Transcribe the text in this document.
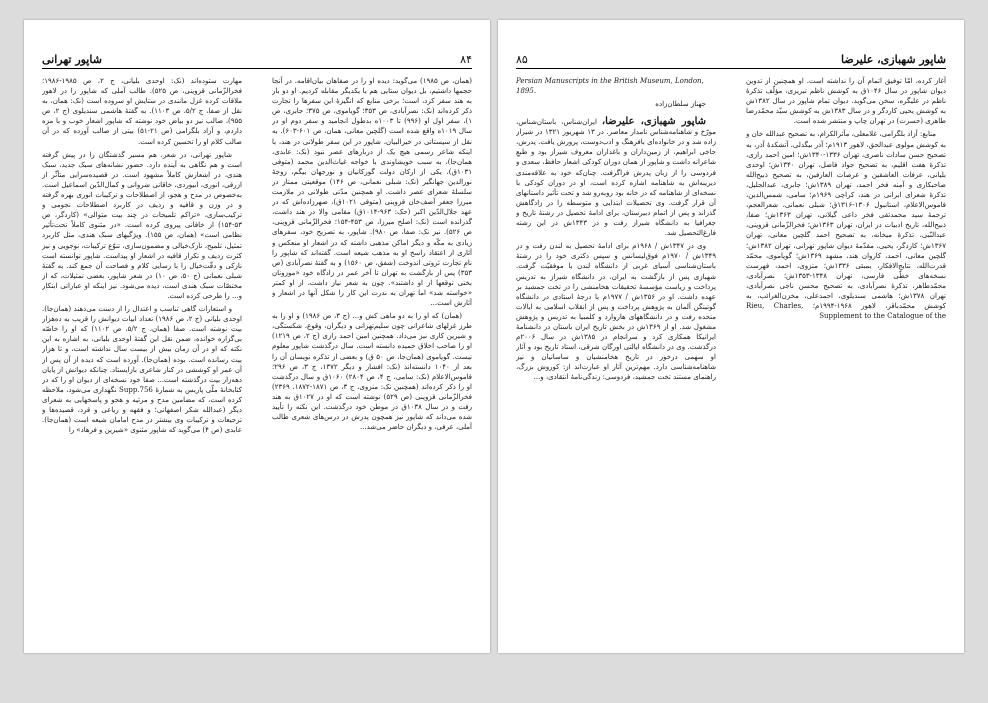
شاپور تهرانی	۸۴

(همان، ص ۱۹۸۵) می‌گوید: دیده او را در صفاهان بیان‌اقامه. در آنجا حجمها داشتیم، بل دیوان ستایی هم با یکدیگر مقابله کردیم. او دو بار به هند سفر کرد، است؛ برخی منابع که انگیزهٔ این سفرها را تجارت ذکر کرده‌اند (نک: نصرآبادی، ص ۳۵۳؛ گویاموی، ص ۳۷۵؛ جابری، ص ۱)، سفر اول او (۹۹۶) تا ۱۰۰۳ه بدطول انجامید و سفر دوم او در سال ۱۰۱۹ه واقع شده است (گلچین معانی، همان، ص ۶۰۱-۶۰۳). به نقل از سیستانی در خیرالبیان، شاپور در این سفر طولانی در هند، با اینکه شاعر رسمی هیچ یک از دربارهای عصر نبود (نک: عابدی، همان‌جا)، به سبب خویشاوندی با خواجه غیاث‌الدین محمد (متوفی ۱۰۳۱ق)، یکی از ارکان دولت گورکانیان و نورجهان بیگم، زوجهٔ نورالدین جهانگیر (نک: شبلی نعمانی، ص ۱۴۶) موقعیتی ممتاز در سلسلهٔ شعرای عصر داشت. او همچنین مدّتی طولانی در ملازمت میرزا جعفر آصف‌خان قزوینی (متوفی ۱۰۲۱ق)، صهرزاده‌اش که در عهد جلال‌الدّین اکبر (حک: ۹۶۳-۱۰۱۴ق) مقامی والا در هند داشت، گذرانده است (نک: اصلح میرزا، ص ۴۵۳-۱۵۴؛ فخرالزّمانی قزوینی، ص ۵۲۶). نیز نک: صفا، ص ۹۸۰). شاپور، به تصریح خود، سفرهای زیادی به مکّه و دیگر اماکن مذهبی داشته که در اشعار او منعکس و آثاری از اعتقاد راسخ او به مذهب شیعه است. گفته‌اند که شاپور را نامِ تجارت ثروتی اندوخت (شفق، ص ۱۵۶۰) و به گفتهٔ نصرآبادی (ص ۳۵۳) پس از بازگشت به تهران تا آخر عمر در زادگاه خود «موزونان بختی توقعها از او داشتند». چون به شعر نیاز داشت، از او کمتر «خواسته شد» اما تهران به ندرت این کار را شکل آنها در اشعار و آثارش است...

(همان) که او را به دو ماهی کش و... (ج ۳، ص ۱۹۸۶) و او را به طرز غزلهای شاعرانی چون سلیم‌تهرانی و دیگران، وقوع، شکستگی، و شیرین کاری نیز می‌داد. همچنین امین احمد رازی (ج ۲، ص ۱۲۱۹) او را صاحب اخلاق حمیده دانسته است. سال درگذشت شاپور معلوم نیست. گویاموی (همان‌جا، ص ۵۰ ق) و بعضی از تذکره نویسان آن را بعد از ۱۰۴۰ دانسته‌اند (نک: افشار و دیگر ۱۳۷۲، ج ۳، ص ۲۹۶؛ قاموس‌الاعلام (نک: سامی، ج ۴، ص ۲۸۰۴) ۱۰۶۰ق و سال درگذشت او را ذکر کرده‌اند (همچنین نک: منزوی، ج ۳، ص ۱۸۷۱-۱۸۷۲، ۲۳۶۹) فخرالزّمانی قزوینی (ص ۵۲۹) نوشته است که او در ۱۰۲۷ق به هند رفت و در سال ۱۰۳۸ق در موطن خود درگذشت. این نکته را تأیید شده می‌داند که شاپور نیز همچون پدرش در درس‌های شعری طالب آملی، عرفی، و دیگران حاضر می‌شد...

مهارت ستوده‌اند (نک: اوحدی بلیانی، ج ۲، ص ۱۹۸۵-۱۹۸۶؛ فخرالزّمانی قزوینی، ص ۵۲۵). طالب آملی که شاپور را در لاهور ملاقات کرده غزل مانندی در ستایش او سروده است (نک: همان، به نقل از صفا، ج ۵/۲، ص ۱۱۰۳). به گفتهٔ هاشمی سندیلوی (ج ۲، ص ۹۵۵)، صالب نیز دو بیاض خود نوشته که شاپور اشعار خوب و با مزه داردم، و آزاد بلگرامی (ص ۲۱-۵۱) بیتی از صالب آورده که در آن صالب کلام او را تحسین کرده است.

شاپور تهرانی، در شعر، هم مسیر گذشتگان را در پیش گرفته است و هم نگاهی به آینده دارد. حضور نشانه‌های سبک جدید، سبک هندی، در اشعارش کاملاً مشهود است. در قصیده‌سرایی متأثّر از ازرقی، انوری، ابیوردی، خاقانی شروانی و کمال‌الدّین اسماعیل است. به‌خصوص در مدح و هجو، از اصطلاحات و ترکیبات انوری بهره گرفته و در وزن و قافیه و ردیف در کاربرد اصطلاحات نجومی و ترکیب‌سازی، «تراکم تلمیحات در چند بیت متوالی» (کاردگر، ص ۵۳-۱۵۴) از خاقانی پیروی کرده است. «در مثنوی کاملاً تحت‌تأثیر نظامی است» (همان، ص ۱۵۵). ویژگیهای سبک هندی، مثل کاربرد تمثیل، تلمیح، نازک‌خیالی و مضمون‌سازی، تنوّع ترکیبات، نوجویی و نیز کثرت ردیف و تکرار قافیه در اشعار او پیداست. شاپور توانسته است نازکی و دقّت‌خیال را با رسایی کلام و فصاحت آن جمع کند. به گفتهٔ شبلی نعمانی (ج ۵۰، ص ۱۰) در شعر شاپور، بعضی تمثیلات، که از مختصّات سبک هندی است، دیده می‌شود. نیز اینکه او عباراتی ابتکار و... را طرحی کرده است.

و استعارات گاهی تناسب و اعتدال را از دست می‌دهند (همان‌جا). اوحدی بلیانی (ج ۲، ص ۱۹۸۶) تعداد ابیات دیوانش را قریب به ده‌هزار بیت نوشته است. صفا (همان، ج ۵/۲، ص ۱۱۰۲) که او را خاصّه بی‌گزاره خوانده، ضمن نقل این گفتهٔ اوحدی بلیانی، به اشاره به این نکته که او در آن زمان بیش از بیست سال نداشته است، و تا هزار بیت رسانده است. بوده (همان‌جا). آورده است که دیده از آن پس از آن عمر او کوششی در کنار شاعری بازایستاد. چنانکه دیوانش از پایان دهه‌زار بیت درگذشته است... صفا خود نسخه‌ای از دیوان او را که در کتابخانهٔ ملّی پاریس به شمارهٔ Supp.756 نگهداری می‌شود، ملاحظه کرده است، که مضامین مدح و مرثیه و هجو و پاسخهایی به شعرای دیگر (عبدالله شکر اصفهانی؛ و فقهه و ریاعی و قرد، قصیده‌ها و ترجیعات و ترکیبات وی بیشتر در مدح امامان شیعه است (همان‌جا). عابدی (ص ۴) می‌گوید که شاپور مثنوی «شیرین و فرهاد» را

شاپور شهبازی، علیرضا
۸۵

آغاز کرده، امّا توفیق اتمام آن را نداشته است. او همچنین از تدوین دیوان شاپور در سال ۱۰۴۶ق به کوشش ناظم تبریزی، مؤلّف تذکرهٔ ناظم در علیگره، سخن می‌گوید. دیوان تمام شاپور در سال ۱۳۸۲ش به کوشش یحیی کاردگر و در سال ۱۳۸۳ش به کوشش سیّد محمّدرضا طاهری (حسرت) در تهران چاپ و منتشر شده است.

منابع: آزاد بلگرامی، غلامعلی، مآثرالکرام، به تصحیح عبدالله خان و به کوشش مولوی عبدالحق، لاهور ۱۹۱۳م؛ آذر بیگدلی، آتشکدهٔ آذر، به تصحیح حسن سادات ناصری، تهران ۱۳۳۶-۱۳۴۰ش؛ امین احمد رازی، تذکرهٔ هفت اقلیم، به تصحیح جواد فاضل، تهران ۱۳۴۰ش؛ اوحدی بلیانی، عرفات العاشقین و عرصات العارفین، به تصحیح ذبیح‌الله صاحبکاری و آمنه فخر احمد، تهران ۱۳۸۹ش؛ جابری، عبدالجلیل، تذکرهٔ شعرای ایرانی در هند، کراچی ۱۹۶۹م؛ سامی، شمس‌الدین، قاموس‌الاعلام، استانبول ۱۳۰۶-۱۳۱۶ق؛ شبلی نعمانی، شعرالعجم، ترجمهٔ سید محمدتقی فخر داعی گیلانی، تهران ۱۳۶۳ش؛ صفا، ذبیح‌الله، تاریخ ادبیات در ایران، تهران ۱۳۶۳ش؛ فخرالزّمانی قزوینی، عبدالنّبی، تذکرهٔ میخانه، به تصحیح احمد گلچین معانی، تهران ۱۳۶۷ش؛ کاردگر، یحیی، مقدّمهٔ دیوان شاپور تهرانی، تهران ۱۳۸۲ش؛ گلچین معانی، احمد، کاروان هند، مشهد ۱۳۶۹ش؛ گویاموی، محمّد قدرت‌الله، نتایج‌الافکار، بمبئی ۱۳۳۶ش؛ منزوی، احمد، فهرست نسخه‌های خطّی فارسی، تهران ۱۳۴۸-۱۳۵۳ش؛ نصرآبادی، محمّدطاهر، تذکرهٔ نصرآبادی، به تصحیح محسن ناجی نصرآبادی، تهران ۱۳۷۸ش؛ هاشمی سندیلوی، احمدعلی، مخزن‌الغرائب، به کوشش محمّدباقر، لاهور ۱۹۶۸-۱۹۹۴م؛ Rieu, Charles, Supplement to the Catalogue of the

Persian Manuscripts in the British Museum, London, 1895.

جهناز سلطان‌زاده

شاپور شهبازی، علیرضا، ایران‌شناس، باستان‌شناس، مورّخ و شاهنامه‌شناس نامدار معاصر. در ۱۳ شهریور ۱۳۲۱ در شیراز زاده شد و در خانواده‌ای بافرهنگ و ادب‌دوست، پرورش یافت. پدرش، حاجی ابراهیم، از زمین‌داران و باغداران معروف شیراز بود و طبعِ شاعرانه داشت و شاپور از همان دوران کودکی اشعار حافظ، سعدی و فردوسی را از زبان پدرش فراگرفت. چنان‌که خود به علاقه‌مندی دیرینه‌اش به شاهنامه اشاره کرده است، او در دوران کودکی با نسخه‌ای از شاهنامه که در خانه بود روبه‌رو شد و تحت تأثیر داستانهای آن قرار گرفت. وی تحصیلات ابتدایی و متوسطه را در زادگاهش گذراند و پس از اتمام دبیرستان، برای ادامهٔ تحصیل در رشتهٔ تاریخ و جغرافیا به دانشگاه شیراز رفت و در ۱۳۴۳ش در این رشته فارغ‌التحصیل شد.

وی در ۱۳۴۷ش / ۱۹۶۸م برای ادامهٔ تحصیل به لندن رفت و در ۱۳۴۹ش / ۱۹۷۰م فوق‌لیسانس و سپس دکتری خود را در رشتهٔ باستان‌شناسی آسیای غربی از دانشگاه لندن با موفقیّت گرفت. شهبازی پس از بازگشت به ایران، در دانشگاه شیراز به تدریس پرداخت و ریاست مؤسسهٔ تحقیقات هخامنشی را در تخت جمشید بر عهده داشت. او در ۱۳۵۶ش / ۱۹۷۷م با درجهٔ استادی در دانشگاه گوتینگن آلمان به پژوهش پرداخت و پس از انقلاب اسلامی به ایالات متحده رفت و در دانشگاههای هاروارد و کلمبیا به تدریس و پژوهش مشغول شد. او از ۱۳۶۹ش در بخش تاریخ ایران باستان در دانشنامهٔ ایرانیکا همکاری کرد و سرانجام در ۱۳۸۵ش در سال ۲۰۰۶م درگذشت. وی در دانشگاه ایالتی اورگان شرقی، استاد تاریخ بود و آثار او سهمی درخور در تاریخ هخامنشیان و ساسانیان و نیز شاهنامه‌شناسی دارد. مهم‌ترین آثار او عبارت‌اند از: کوروش بزرگ، راهنمای مستند تخت جمشید، فردوسی: زندگی‌نامهٔ انتقادی، و...
